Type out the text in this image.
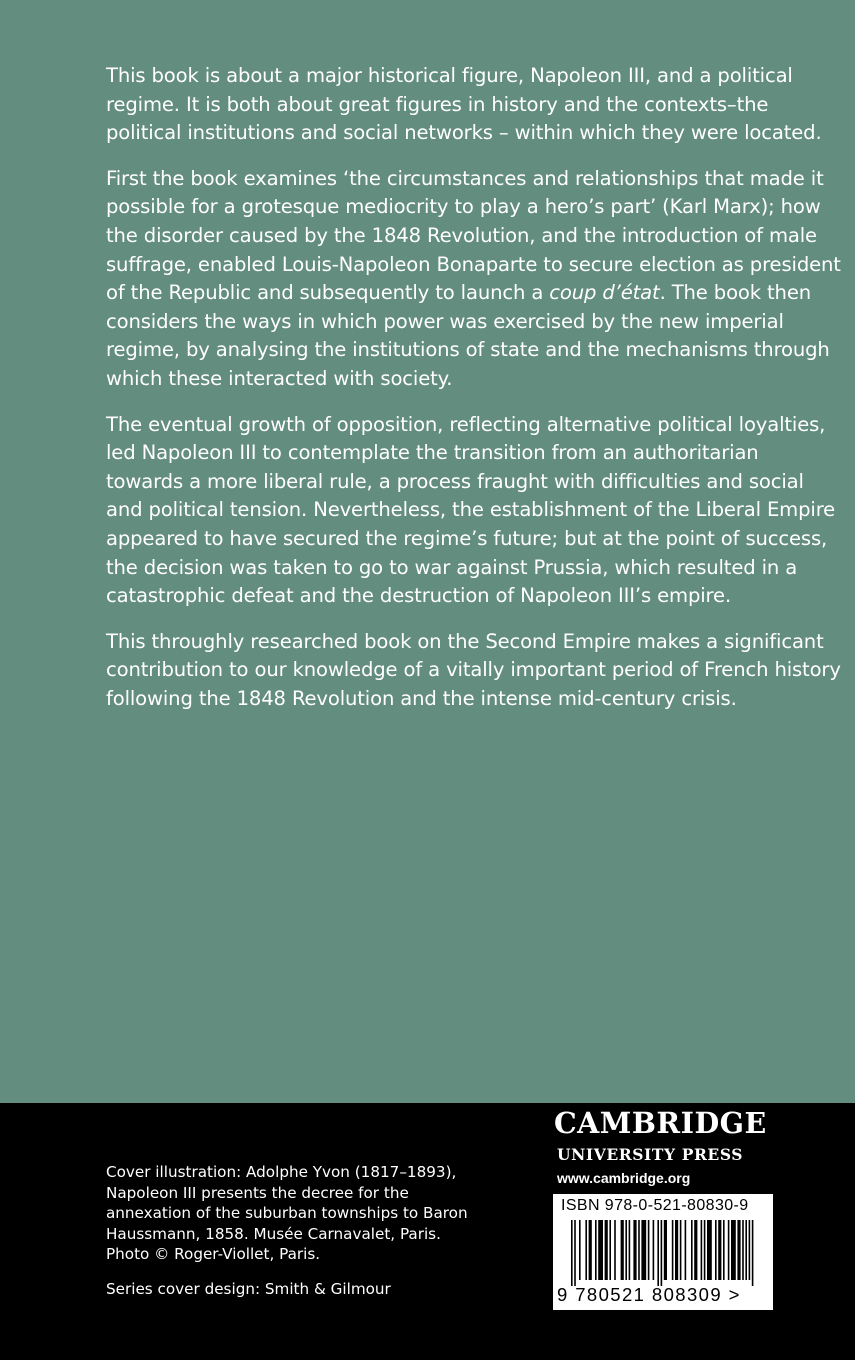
This book is about a major historical figure, Napoleon III, and a political regime. It is both about great figures in history and the contexts–the political institutions and social networks – within which they were located.

First the book examines ‘the circumstances and relationships that made it possible for a grotesque mediocrity to play a hero’s part’ (Karl Marx); how the disorder caused by the 1848 Revolution, and the introduction of male suffrage, enabled Louis-Napoleon Bonaparte to secure election as president of the Republic and subsequently to launch a coup d’état. The book then considers the ways in which power was exercised by the new imperial regime, by analysing the institutions of state and the mechanisms through which these interacted with society.

The eventual growth of opposition, reflecting alternative political loyalties, led Napoleon III to contemplate the transition from an authoritarian towards a more liberal rule, a process fraught with difficulties and social and political tension. Nevertheless, the establishment of the Liberal Empire appeared to have secured the regime’s future; but at the point of success, the decision was taken to go to war against Prussia, which resulted in a catastrophic defeat and the destruction of Napoleon III’s empire.

This throughly researched book on the Second Empire makes a significant contribution to our knowledge of a vitally important period of French history following the 1848 Revolution and the intense mid-century crisis.

Cover illustration: Adolphe Yvon (1817–1893),
Napoleon III presents the decree for the
annexation of the suburban townships to Baron
Haussmann, 1858. Musée Carnavalet, Paris.
Photo © Roger-Viollet, Paris.
Series cover design: Smith & Gilmour
CAMBRIDGE
UNIVERSITY PRESS
www.cambridge.org
ISBN 978-0-521-80830-9
9 780521 808309 >
